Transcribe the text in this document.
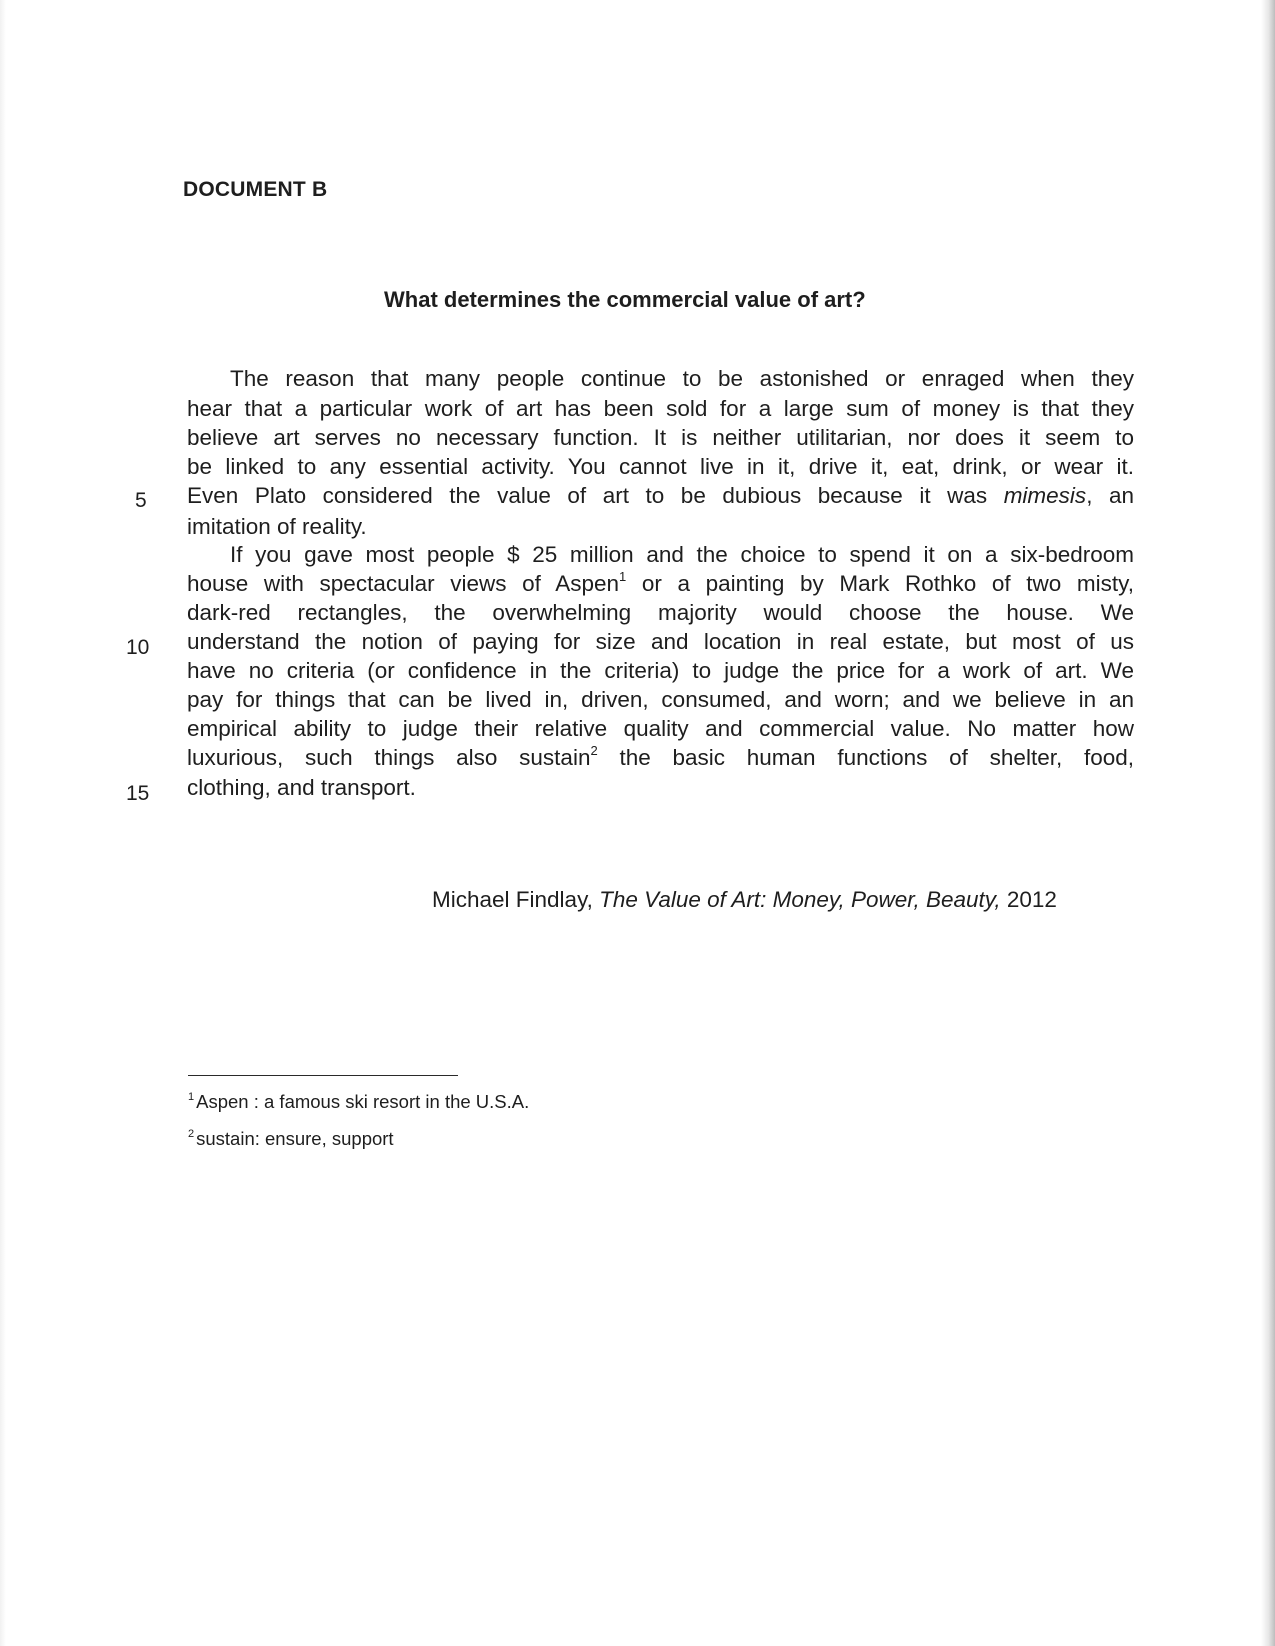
DOCUMENT B
What determines the commercial value of art?
The reason that many people continue to be astonished or enraged when they
hear that a particular work of art has been sold for a large sum of money is that they
believe art serves no necessary function. It is neither utilitarian, nor does it seem to
be linked to any essential activity. You cannot live in it, drive it, eat, drink, or wear it.
Even Plato considered the value of art to be dubious because it was mimesis, an
imitation of reality.
If you gave most people $ 25 million and the choice to spend it on a six-bedroom
house with spectacular views of Aspen$^1$ or a painting by Mark Rothko of two misty,
dark-red rectangles, the overwhelming majority would choose the house. We
understand the notion of paying for size and location in real estate, but most of us
have no criteria (or confidence in the criteria) to judge the price for a work of art. We
pay for things that can be lived in, driven, consumed, and worn; and we believe in an
empirical ability to judge their relative quality and commercial value. No matter how
luxurious, such things also sustain$^2$ the basic human functions of shelter, food,
clothing, and transport.
5
10
15
Michael Findlay, The Value of Art: Money, Power, Beauty, 2012
$^1$ Aspen : a famous ski resort in the U.S.A.
$^2$ sustain: ensure, support
